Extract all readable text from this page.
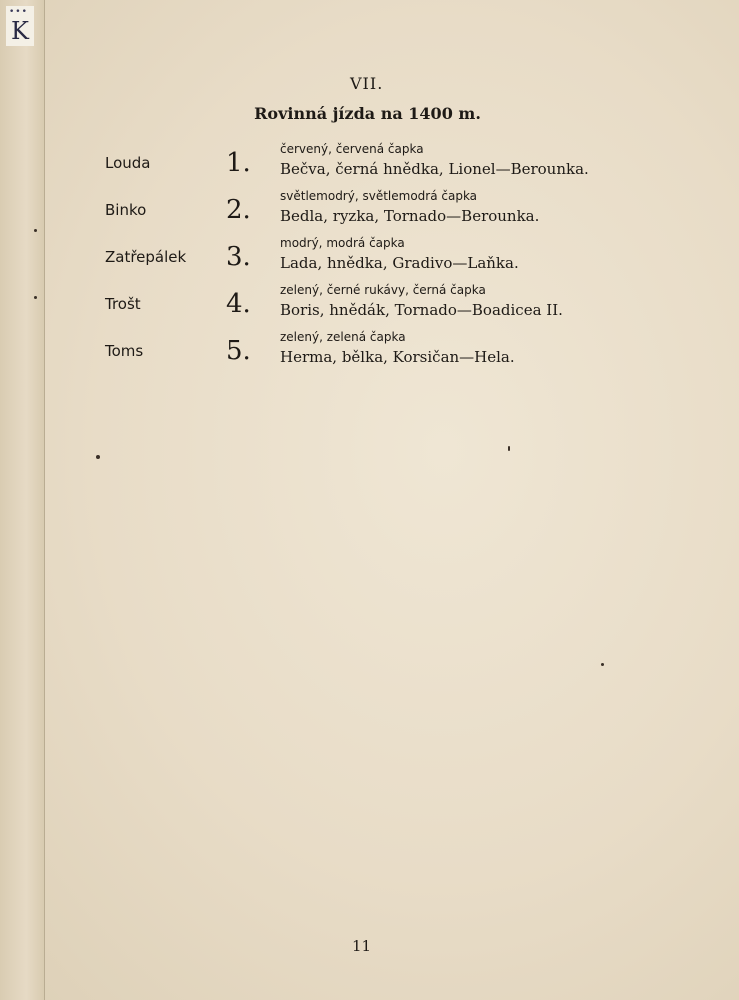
•••
K
VII.
Rovinná jízda na 1400 m.
Louda	1. červený, červená čapka
Bečva, černá hnědka, Lionel—Berounka.
Binko	2. světlemodrý, světlemodrá čapka
Bedla, ryzka, Tornado—Berounka.
Zatřepálek 3. modrý, modrá čapka
Lada, hnědka, Gradivo—Laňka.
Trošt	4. zelený, černé rukávy, černá čapka
Boris, hnědák, Tornado—Boadicea II.
Toms	5. zelený, zelená čapka
Herma, bělka, Korsičan—Hela.
11
